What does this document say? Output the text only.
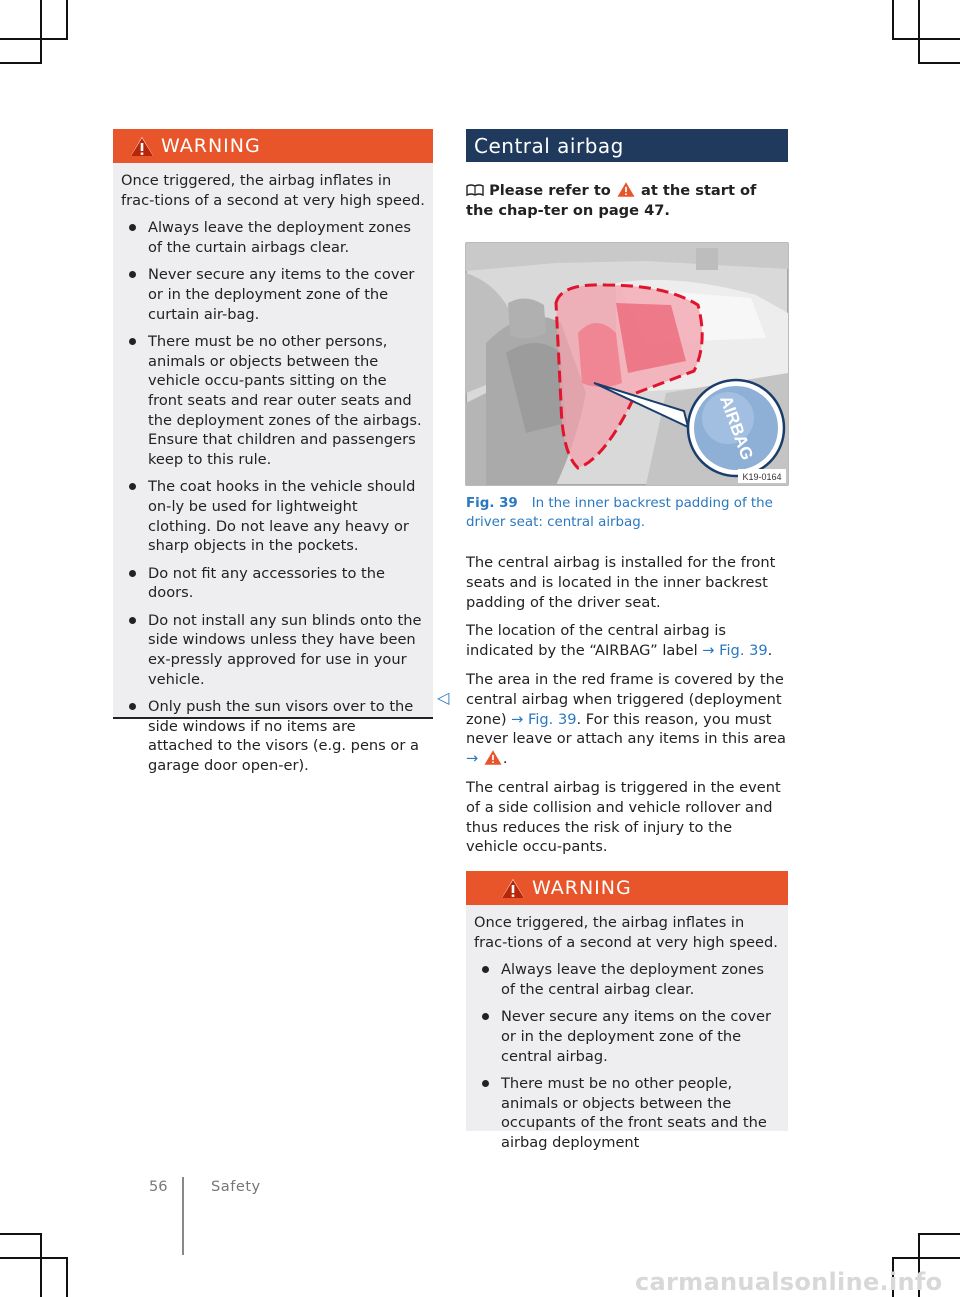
WARNING

Once triggered, the airbag inflates in frac-tions of a second at very high speed.

Always leave the deployment zones of the curtain airbags clear.
Never secure any items to the cover or in the deployment zone of the curtain air-bag.
There must be no other persons, animals or objects between the vehicle occu-pants sitting on the front seats and rear outer seats and the deployment zones of the airbags. Ensure that children and passengers keep to this rule.
The coat hooks in the vehicle should on-ly be used for lightweight clothing. Do not leave any heavy or sharp objects in the pockets.
Do not fit any accessories to the doors.
Do not install any sun blinds onto the side windows unless they have been ex-pressly approved for use in your vehicle.
Only push the sun visors over to the side windows if no items are attached to the visors (e.g. pens or a garage door open-er).
◁
Central airbag
Please refer to at the start of the chap-ter on page 47.
AIRBAG
K19-0164
Fig. 39 In the inner backrest padding of the driver seat: central airbag.

The central airbag is installed for the front seats and is located in the inner backrest padding of the driver seat.

The location of the central airbag is indicated by the “AIRBAG” label → Fig. 39.

The area in the red frame is covered by the central airbag when triggered (deployment zone) → Fig. 39. For this reason, you must never leave or attach any items in this area → .

The central airbag is triggered in the event of a side collision and vehicle rollover and thus reduces the risk of injury to the vehicle occu-pants.

WARNING

Once triggered, the airbag inflates in frac-tions of a second at very high speed.

Always leave the deployment zones of the central airbag clear.
Never secure any items on the cover or in the deployment zone of the central airbag.
There must be no other people, animals or objects between the occupants of the front seats and the airbag deployment
56	Safety
carmanualsonline.info
